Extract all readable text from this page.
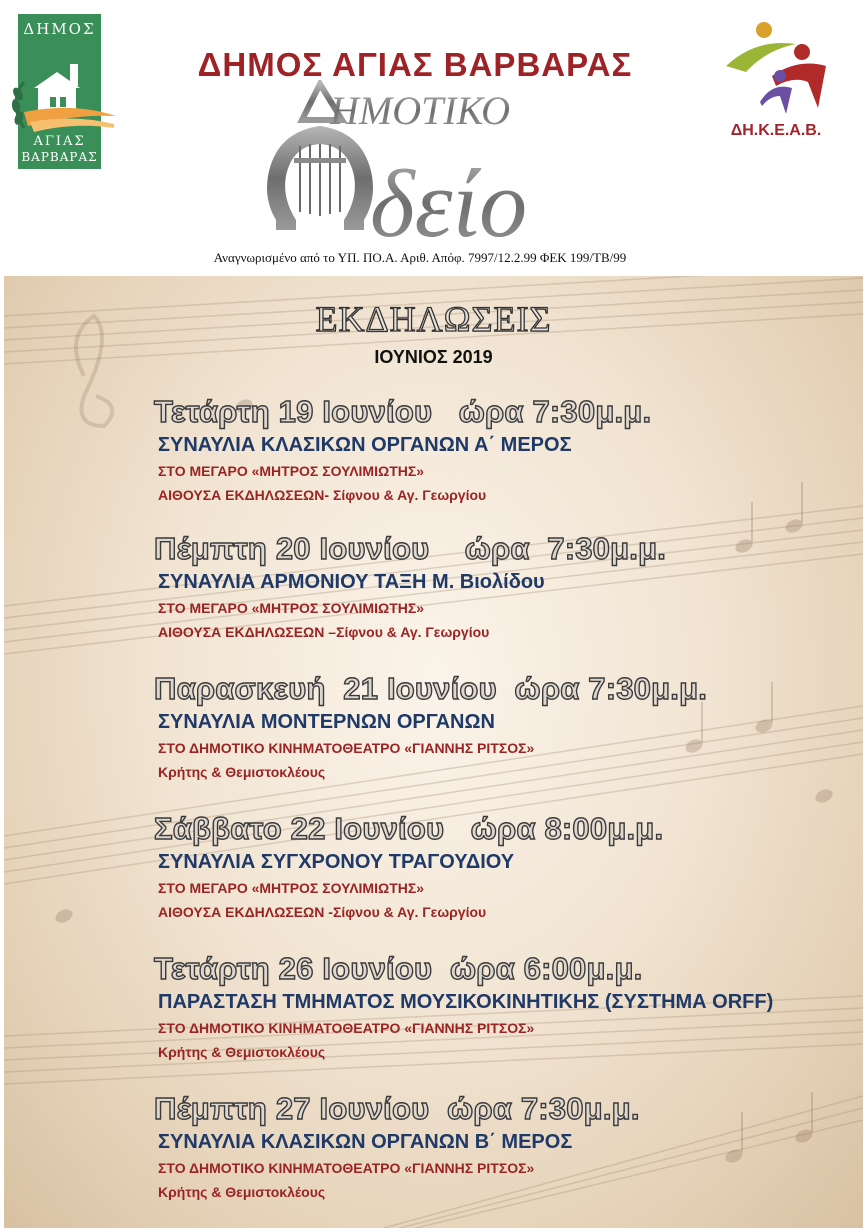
ΔΗΜΟΣ
ΑΓΙΑΣ
ΒΑΡΒΑΡΑΣ
ΔΗΜΟΣ ΑΓΙΑΣ ΒΑΡΒΑΡΑΣ
ΗΜΟΤΙΚΟ
δείο
Αναγνωρισμένο από το ΥΠ. ΠΟ.Α. Αριθ. Απόφ. 7997/12.2.99 ΦΕΚ 199/ΤΒ/99
ΔΗ.Κ.Ε.Α.Β.
ΕΚΔΗΛΩΣΕΙΣ
ΙΟΥΝΙΟΣ 2019
Τετάρτη 19 Ιουνίου   ώρα 7:30μ.μ.
ΣΥΝΑΥΛΙΑ ΚΛΑΣΙΚΩΝ ΟΡΓΑΝΩΝ Α΄ ΜΕΡΟΣ
ΣΤΟ ΜΕΓΑΡΟ «ΜΗΤΡΟΣ ΣΟΥΛΙΜΙΩΤΗΣ»
ΑΙΘΟΥΣΑ ΕΚΔΗΛΩΣΕΩΝ- Σίφνου & Αγ. Γεωργίου
Πέμπτη 20 Ιουνίου    ώρα  7:30μ.μ.
ΣΥΝΑΥΛΙΑ ΑΡΜΟΝΙΟΥ ΤΑΞΗ Μ. Βιολίδου
ΣΤΟ ΜΕΓΑΡΟ «ΜΗΤΡΟΣ ΣΟΥΛΙΜΙΩΤΗΣ»
ΑΙΘΟΥΣΑ ΕΚΔΗΛΩΣΕΩΝ –Σίφνου & Αγ. Γεωργίου
Παρασκευή  21 Ιουνίου  ώρα 7:30μ.μ.
ΣΥΝΑΥΛΙΑ ΜΟΝΤΕΡΝΩΝ ΟΡΓΑΝΩΝ
ΣΤΟ ΔΗΜΟΤΙΚΟ ΚΙΝΗΜΑΤΟΘΕΑΤΡΟ «ΓΙΑΝΝΗΣ ΡΙΤΣΟΣ»
Κρήτης & Θεμιστοκλέους
Σάββατο 22 Ιουνίου   ώρα 8:00μ.μ.
ΣΥΝΑΥΛΙΑ ΣΥΓΧΡΟΝΟΥ ΤΡΑΓΟΥΔΙΟΥ
ΣΤΟ ΜΕΓΑΡΟ «ΜΗΤΡΟΣ ΣΟΥΛΙΜΙΩΤΗΣ»
ΑΙΘΟΥΣΑ ΕΚΔΗΛΩΣΕΩΝ -Σίφνου & Αγ. Γεωργίου
Τετάρτη 26 Ιουνίου  ώρα 6:00μ.μ.
ΠΑΡΑΣΤΑΣΗ ΤΜΗΜΑΤΟΣ ΜΟΥΣΙΚΟΚΙΝΗΤΙΚΗΣ (ΣΥΣΤΗΜΑ ORFF)
ΣΤΟ ΔΗΜΟΤΙΚΟ ΚΙΝΗΜΑΤΟΘΕΑΤΡΟ «ΓΙΑΝΝΗΣ ΡΙΤΣΟΣ»
Κρήτης & Θεμιστοκλέους
Πέμπτη 27 Ιουνίου  ώρα 7:30μ.μ.
ΣΥΝΑΥΛΙΑ ΚΛΑΣΙΚΩΝ ΟΡΓΑΝΩΝ Β΄ ΜΕΡΟΣ
ΣΤΟ ΔΗΜΟΤΙΚΟ ΚΙΝΗΜΑΤΟΘΕΑΤΡΟ «ΓΙΑΝΝΗΣ ΡΙΤΣΟΣ»
Κρήτης & Θεμιστοκλέους
